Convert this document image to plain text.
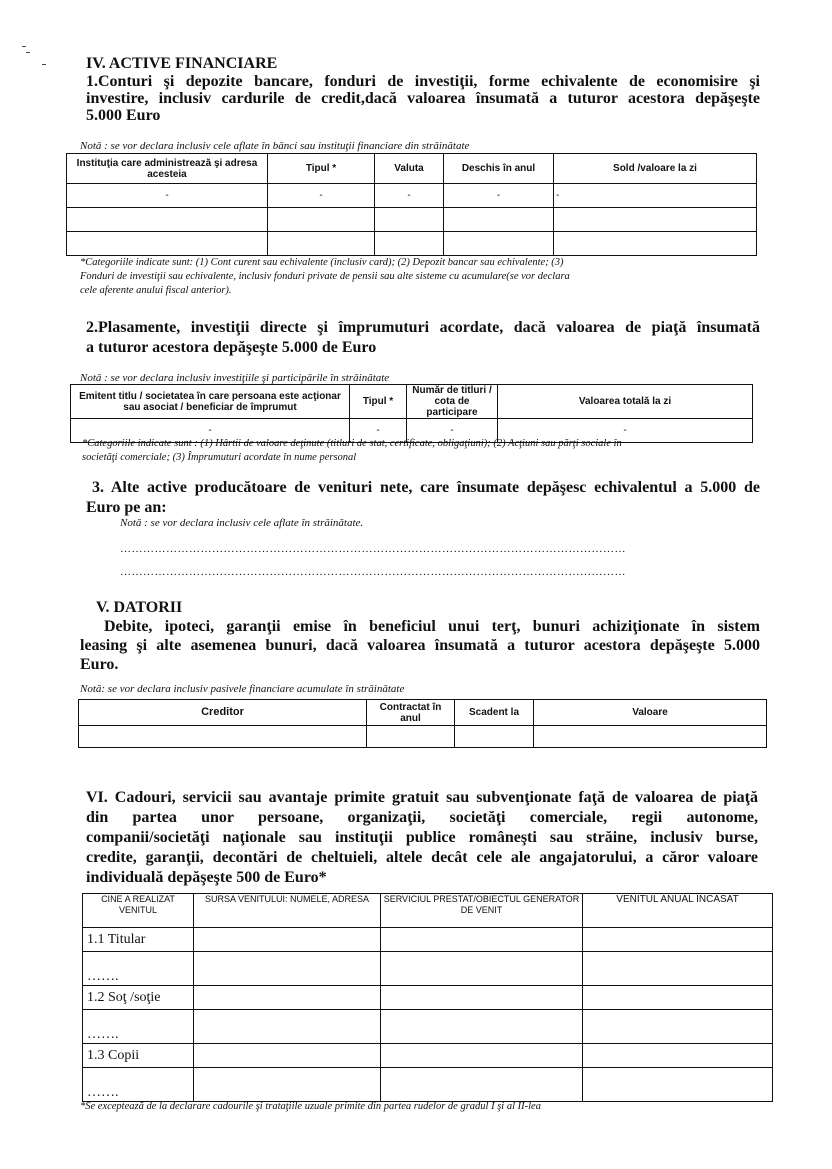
IV. ACTIVE FINANCIARE
1.Conturi şi depozite bancare, fonduri de investiţii, forme echivalente de economisire şi
investire, inclusiv cardurile de credit,dacă valoarea însumată a tuturor acestora depăşeşte
5.000 Euro
Notă : se vor declara inclusiv cele aflate în bănci sau instituţii financiare din străinătate
Instituţia care administrează şi adresa acesteia	Tipul *	Valuta	Deschis în anul	Sold /valoare la zi
-	-	-	-	-

*Categoriile indicate sunt: (1) Cont curent sau echivalente (inclusiv card); (2) Depozit bancar sau echivalente; (3)
Fonduri de investiţii sau echivalente, inclusiv fonduri private de pensii sau alte sisteme cu acumulare(se vor declara
cele aferente anului fiscal anterior).
2.Plasamente, investiţii directe şi împrumuturi acordate, dacă valoarea de piaţă însumată
a tuturor acestora depăşeşte 5.000 de Euro
Notă : se vor declara inclusiv investiţiile şi participările în străinătate
Emitent titlu / societatea în care persoana este acţionar sau asociat / beneficiar de împrumut	Tipul *	Număr de titluri / cota de participare	Valoarea totală la zi
-	-	-	-
*Categoriile indicate sunt : (1) Hârtii de valoare deţinute (titluri de stat, certificate, obligaţiuni); (2) Acţiuni sau părţi sociale în
societăţi comerciale; (3) Împrumuturi acordate în nume personal
3. Alte active producătoare de venituri nete, care însumate depăşesc echivalentul a 5.000 de
Euro pe an:
Notă : se vor declara inclusiv cele aflate în străinătate.
……………………………………………………………………………………………………………………
……………………………………………………………………………………………………………………
V. DATORII
Debite, ipoteci, garanţii emise în beneficiul unui terţ, bunuri achiziţionate în sistem
leasing şi alte asemenea bunuri, dacă valoarea însumată a tuturor acestora depăşeşte 5.000
Euro.
Notă: se vor declara inclusiv pasivele financiare acumulate în străinătate
Creditor	Contractat în anul	Scadent la	Valoare

VI. Cadouri, servicii sau avantaje primite gratuit sau subvenţionate faţă de valoarea de piaţă
din partea unor persoane, organizaţii, societăţi comerciale, regii autonome,
companii/societăţi naţionale sau instituţii publice româneşti sau străine, inclusiv burse,
credite, garanţii, decontări de cheltuieli, altele decât cele ale angajatorului, a căror valoare
individuală depăşeşte 500 de Euro*
CINE A REALIZAT VENITUL	SURSA VENITULUI: NUMELE, ADRESA	SERVICIUL PRESTAT/OBIECTUL GENERATOR DE VENIT	VENITUL ANUAL ÎNCASAT
1.1 Titular			
…….			
1.2 Soţ /soţie			
…….			
1.3 Copii			
…….			
*Se exceptează de la declarare cadourile şi trataţiile uzuale primite din partea rudelor de gradul I şi al II-lea
